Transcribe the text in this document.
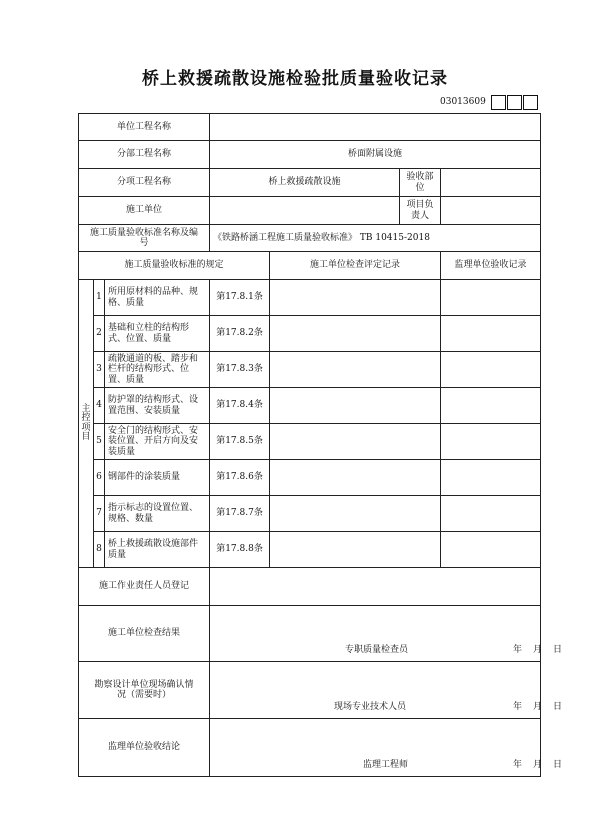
桥上救援疏散设施检验批质量验收记录
03013609
单位工程名称						
分部工程名称			桥面附属设施			
分项工程名称			桥上救援疏散设施		验收部位	
施工单位					项目负责人	
施工质量验收标准名称及编号			《铁路桥涵工程施工质量验收标准》 TB 10415-2018			
施工质量验收标准的规定				施工单位检查评定记录		监理单位验收记录
主控项目	1	所用原材料的品种、规格、质量	第17.8.1条			
	2	基础和立柱的结构形式、位置、质量	第17.8.2条			
	3	疏散通道的板、踏步和栏杆的结构形式、位置、质量	第17.8.3条			
	4	防护罩的结构形式、设置范围、安装质量	第17.8.4条			
	5	安全门的结构形式、安装位置、开启方向及安装质量	第17.8.5条			
	6	钢部件的涂装质量	第17.8.6条			
	7	指示标志的设置位置、规格、数量	第17.8.7条			
	8	桥上救援疏散设施部件质量	第17.8.8条			
施工作业责任人员登记						
施工单位检查结果			专职质量检查员 年 月 日			

勘察设计单位现场确认情况（需要时）			现场专业技术人员 年 月 日			

监理单位验收结论			监理工程师 年 月 日			
